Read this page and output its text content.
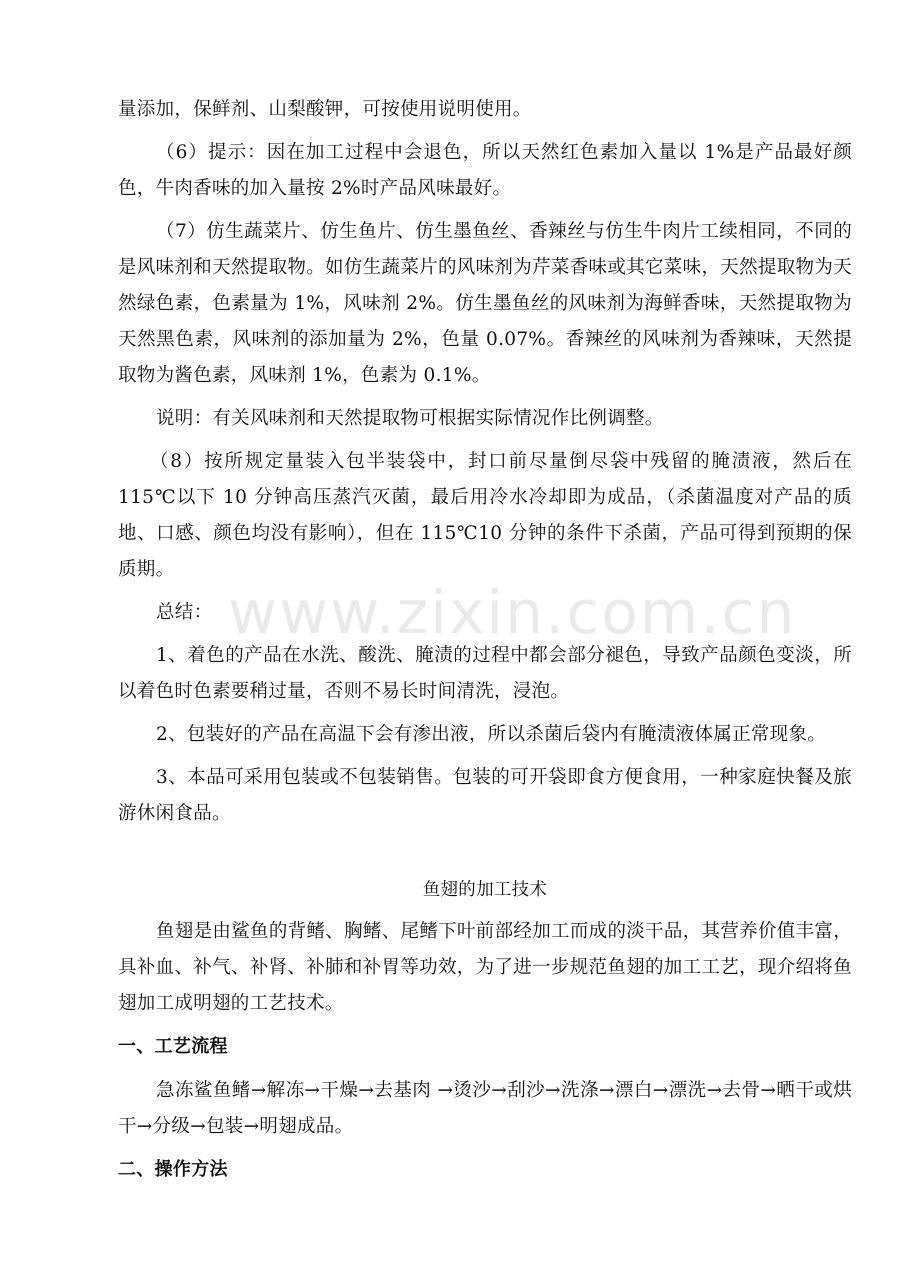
www.zixin.com.cn

量添加，保鲜剂、山梨酸钾，可按使用说明使用。

（6）提示：因在加工过程中会退色，所以天然红色素加入量以 1%是产品最好颜色，牛肉香味的加入量按 2%时产品风味最好。

（7）仿生蔬菜片、仿生鱼片、仿生墨鱼丝、香辣丝与仿生牛肉片工续相同，不同的是风味剂和天然提取物。如仿生蔬菜片的风味剂为芹菜香味或其它菜味，天然提取物为天然绿色素，色素量为 1%，风味剂 2%。仿生墨鱼丝的风味剂为海鲜香味，天然提取物为天然黑色素，风味剂的添加量为 2%，色量 0.07%。香辣丝的风味剂为香辣味，天然提取物为酱色素，风味剂 1%，色素为 0.1%。

说明：有关风味剂和天然提取物可根据实际情况作比例调整。

（8）按所规定量装入包半装袋中，封口前尽量倒尽袋中残留的腌渍液，然后在 115℃以下 10 分钟高压蒸汽灭菌，最后用冷水冷却即为成品，（杀菌温度对产品的质地、口感、颜色均没有影响），但在 115℃10 分钟的条件下杀菌，产品可得到预期的保质期。

总结：

1、着色的产品在水洗、酸洗、腌渍的过程中都会部分褪色，导致产品颜色变淡，所以着色时色素要稍过量，否则不易长时间清洗，浸泡。

2、包装好的产品在高温下会有渗出液，所以杀菌后袋内有腌渍液体属正常现象。

3、本品可采用包装或不包装销售。包装的可开袋即食方便食用，一种家庭快餐及旅游休闲食品。

鱼翅的加工技术

鱼翅是由鲨鱼的背鳍、胸鳍、尾鳍下叶前部经加工而成的淡干品，其营养价值丰富，具补血、补气、补肾、补肺和补胃等功效，为了进一步规范鱼翅的加工工艺，现介绍将鱼翅加工成明翅的工艺技术。

一、工艺流程

急冻鲨鱼鳍→解冻→干燥→去基肉 →烫沙→刮沙→洗涤→漂白→漂洗→去骨→晒干或烘干→分级→包装→明翅成品。

二、操作方法
